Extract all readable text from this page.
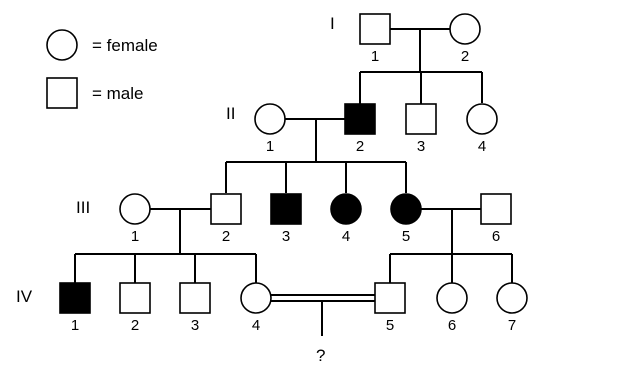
= female
= male
I
II
III
IV
1	2
1	2	3	4
1	2	3	4	5	6
1	2	3	4	5	6	7
?
